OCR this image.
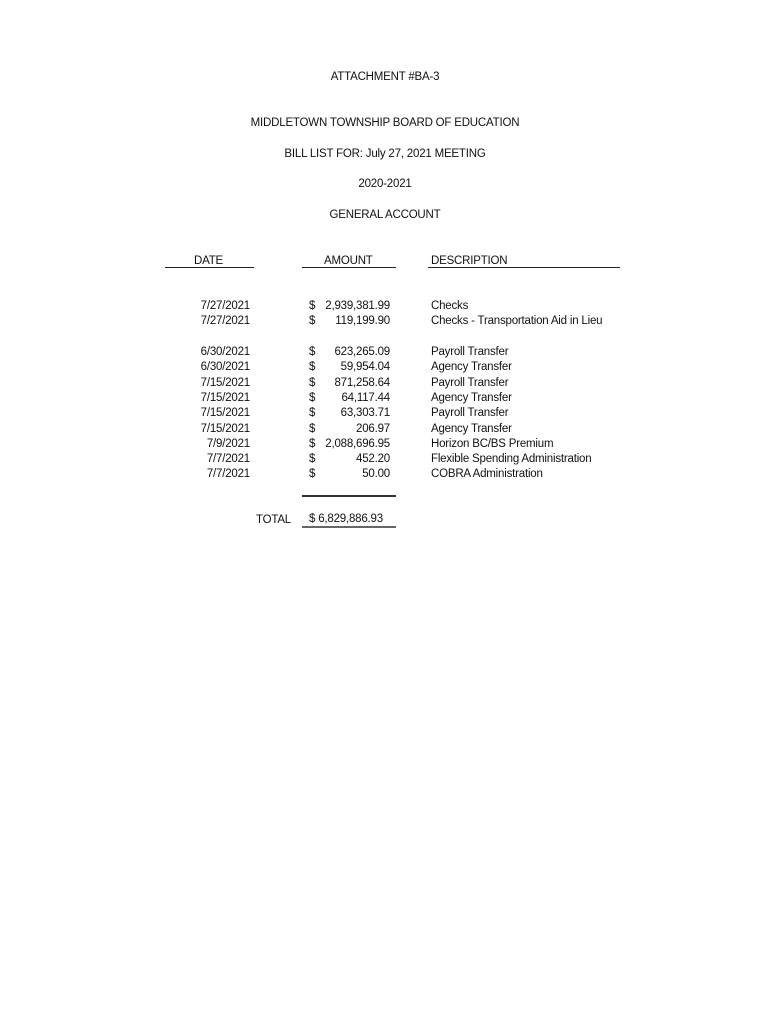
ATTACHMENT #BA-3
MIDDLETOWN TOWNSHIP BOARD OF EDUCATION
BILL LIST FOR: July 27, 2021 MEETING
2020-2021
GENERAL ACCOUNT
DATE	AMOUNT	DESCRIPTION
7/27/2021	$ 2,939,381.99	Checks
7/27/2021	$	119,199.90	Checks - Transportation Aid in Lieu
6/30/2021	$	623,265.09	Payroll Transfer
6/30/2021	$	59,954.04	Agency Transfer
7/15/2021	$	871,258.64	Payroll Transfer
7/15/2021	$	64,117.44	Agency Transfer
7/15/2021	$	63,303.71	Payroll Transfer
7/15/2021	$	206.97	Agency Transfer
7/9/2021	$ 2,088,696.95	Horizon BC/BS Premium
7/7/2021	$	452.20	Flexible Spending Administration
7/7/2021	$	50.00	COBRA Administration
TOTAL $ 6,829,886.93
